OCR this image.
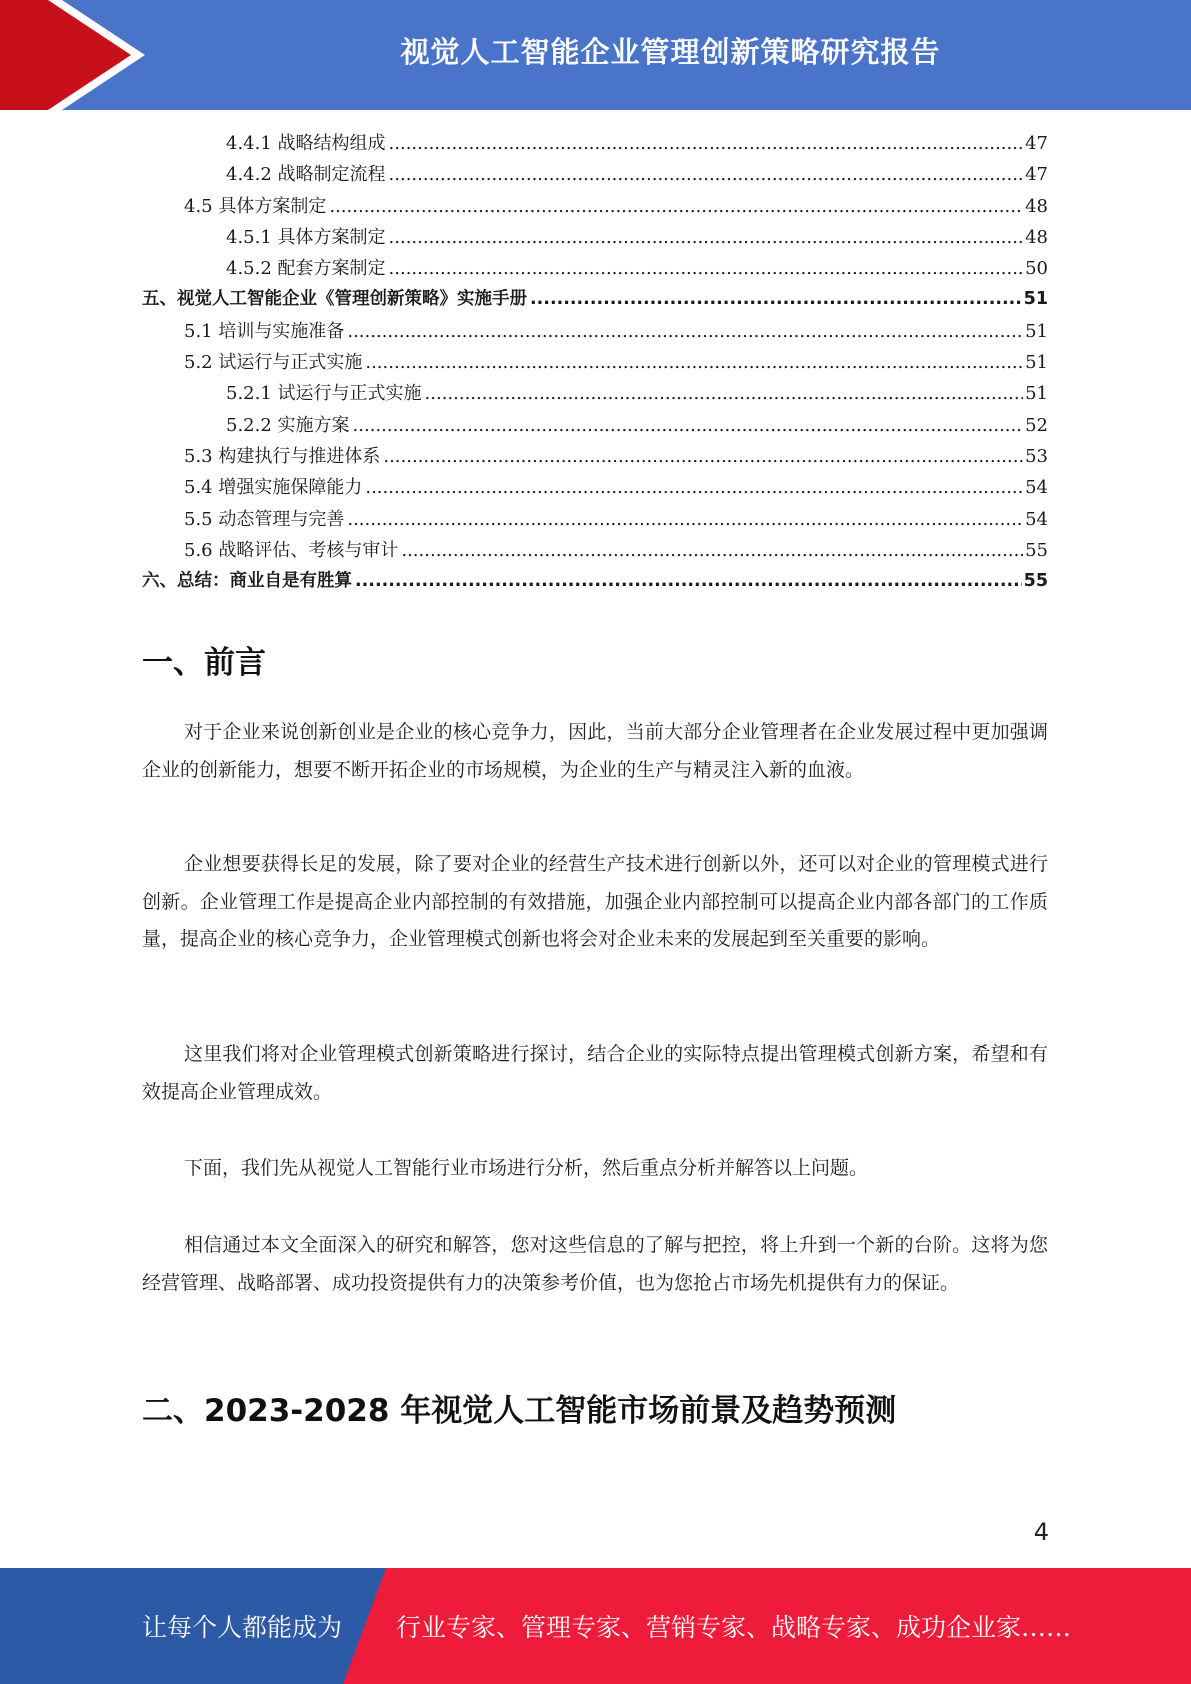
视觉人工智能企业管理创新策略研究报告
4.4.1 战略结构组成 .....	47
4.4.2 战略制定流程 .....	47
4.5 具体方案制定 .....	48
4.5.1 具体方案制定 .....	48
4.5.2 配套方案制定 .....	50
五、视觉人工智能企业《管理创新策略》实施手册 .....	51
5.1 培训与实施准备 .....	51
5.2 试运行与正式实施 .....	51
5.2.1 试运行与正式实施 .....	51
5.2.2 实施方案 .....	52
5.3 构建执行与推进体系 .....	53
5.4 增强实施保障能力 .....	54
5.5 动态管理与完善 .....	54
5.6 战略评估、考核与审计 .....	55
六、总结：商业自是有胜算 .....	55
一、前言

对于企业来说创新创业是企业的核心竞争力，因此，当前大部分企业管理者在企业发展过程中更加强调企业的创新能力，想要不断开拓企业的市场规模，为企业的生产与精灵注入新的血液。

企业想要获得长足的发展，除了要对企业的经营生产技术进行创新以外，还可以对企业的管理模式进行创新。企业管理工作是提高企业内部控制的有效措施，加强企业内部控制可以提高企业内部各部门的工作质量，提高企业的核心竞争力，企业管理模式创新也将会对企业未来的发展起到至关重要的影响。

这里我们将对企业管理模式创新策略进行探讨，结合企业的实际特点提出管理模式创新方案，希望和有效提高企业管理成效。

下面，我们先从视觉人工智能行业市场进行分析，然后重点分析并解答以上问题。

相信通过本文全面深入的研究和解答，您对这些信息的了解与把控，将上升到一个新的台阶。这将为您经营管理、战略部署、成功投资提供有力的决策参考价值，也为您抢占市场先机提供有力的保证。

二、2023-2028 年视觉人工智能市场前景及趋势预测
4
让每个人都能成为 行业专家、管理专家、营销专家、战略专家、成功企业家……
